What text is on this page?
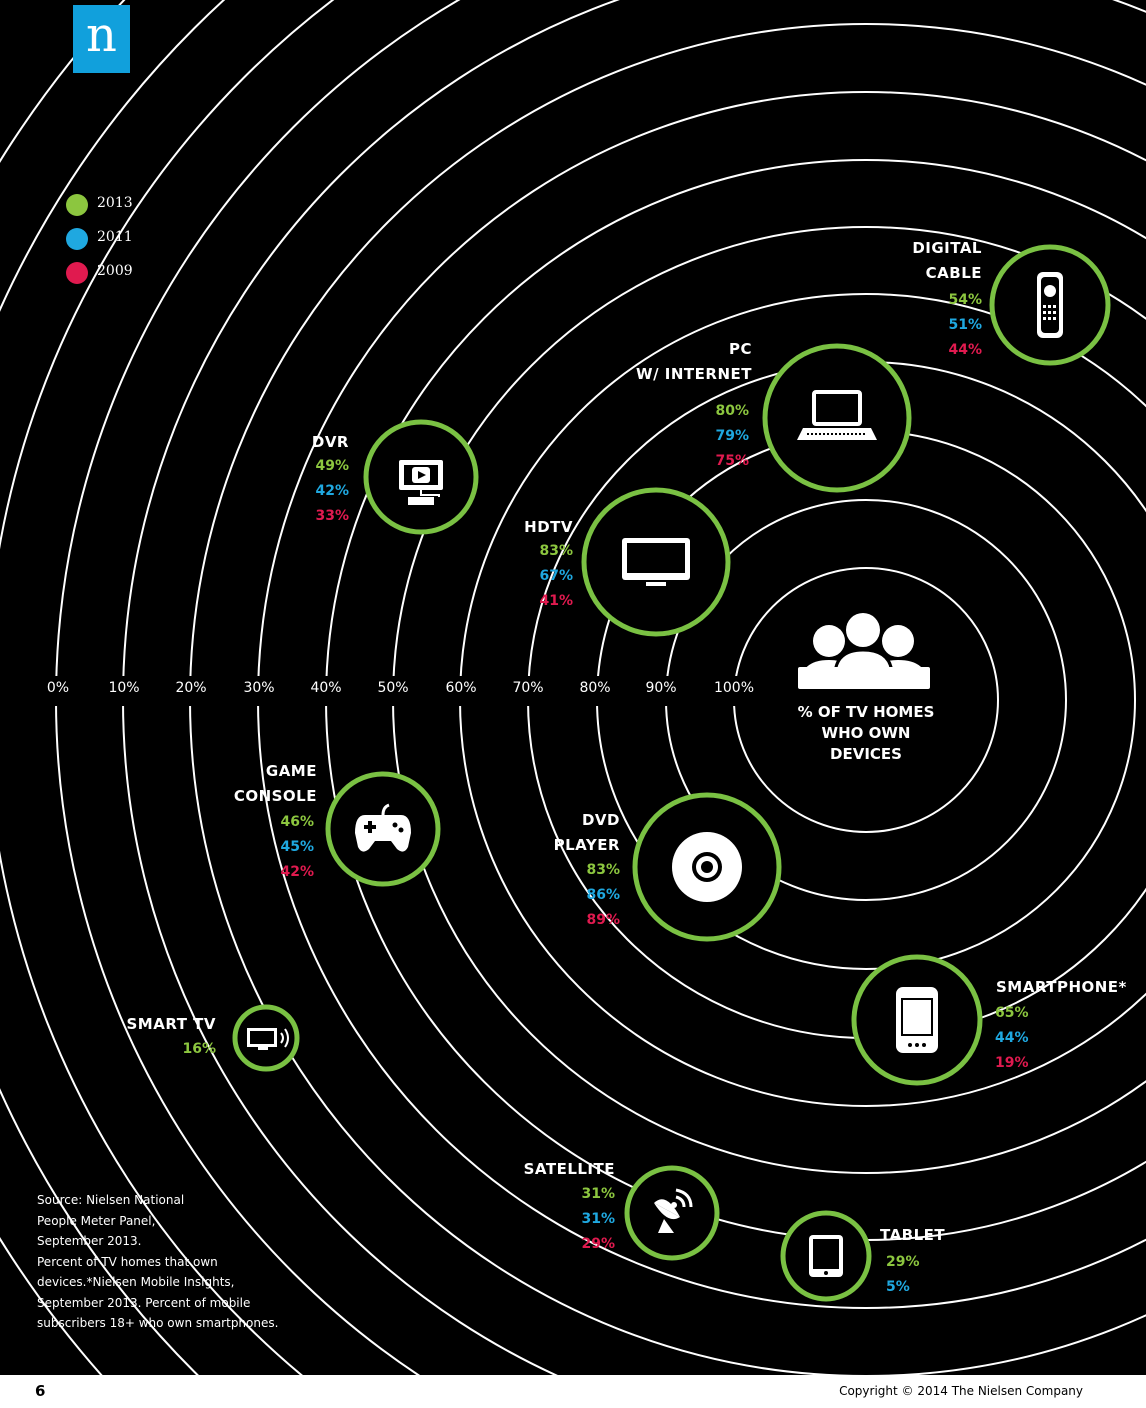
n
2013
2011
2009
0%	10%	20%	30%	40%	50%	60%	70%	80% 90%	100%
% OF TV HOMES
WHO OWN
DEVICES
DIGITAL
CABLE
54%
51%
44%
PC
W/ INTERNET
80%
79%
75%
DVR
49%
42%
33%
HDTV
83%
67%
41%
GAME
CONSOLE
46%
45%
42%
DVD
PLAYER
83%
86%
89%
SMARTPHONE*
65%
44%
19%
SMART TV
16%
SATELLITE
31%
31%
29%	TABLET
29%
5%
Source: Nielsen National
People Meter Panel,
September 2013.
Percent of TV homes that own
devices.*Nielsen Mobile Insights,
September 2013. Percent of mobile
subscribers 18+ who own smartphones.
6	Copyright © 2014 The Nielsen Company
